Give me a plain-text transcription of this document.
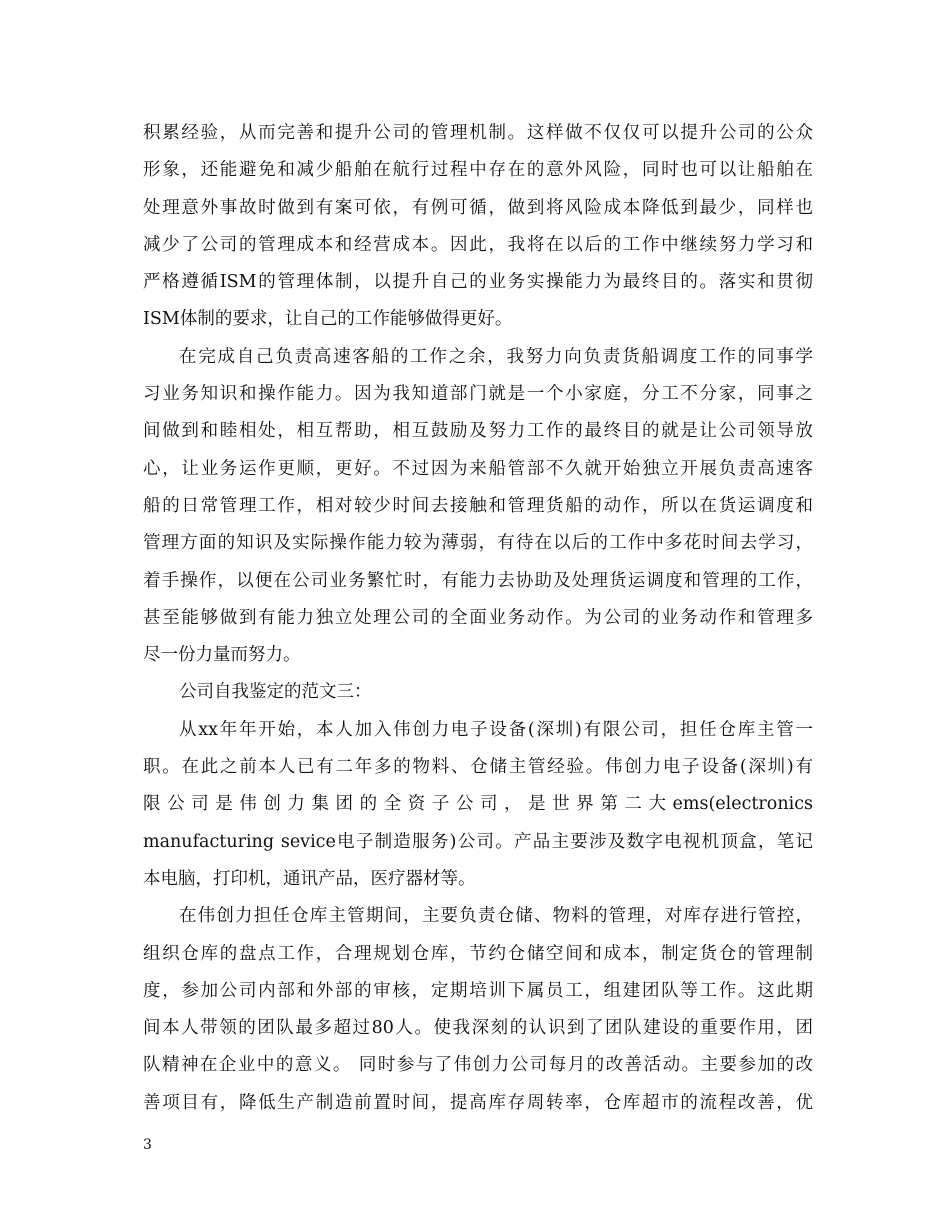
积累经验，从而完善和提升公司的管理机制。这样做不仅仅可以提升公司的公众
形象，还能避免和减少船舶在航行过程中存在的意外风险，同时也可以让船舶在
处理意外事故时做到有案可依，有例可循，做到将风险成本降低到最少，同样也
减少了公司的管理成本和经营成本。因此，我将在以后的工作中继续努力学习和
严格遵循ISM的管理体制，以提升自己的业务实操能力为最终目的。落实和贯彻
ISM体制的要求，让自己的工作能够做得更好。
在完成自己负责高速客船的工作之余，我努力向负责货船调度工作的同事学
习业务知识和操作能力。因为我知道部门就是一个小家庭，分工不分家，同事之
间做到和睦相处，相互帮助，相互鼓励及努力工作的最终目的就是让公司领导放
心，让业务运作更顺，更好。不过因为来船管部不久就开始独立开展负责高速客
船的日常管理工作，相对较少时间去接触和管理货船的动作，所以在货运调度和
管理方面的知识及实际操作能力较为薄弱，有待在以后的工作中多花时间去学习，
着手操作，以便在公司业务繁忙时，有能力去协助及处理货运调度和管理的工作，
甚至能够做到有能力独立处理公司的全面业务动作。为公司的业务动作和管理多
尽一份力量而努力。
公司自我鉴定的范文三：
从xx年年开始，本人加入伟创力电子设备(深圳)有限公司，担任仓库主管一
职。在此之前本人已有二年多的物料、仓储主管经验。伟创力电子设备(深圳)有
限 公 司 是 伟 创 力 集 团 的 全 资 子 公 司 ， 是 世 界 第 二 大 ems(electronics
manufacturing sevice电子制造服务)公司。产品主要涉及数字电视机顶盒，笔记
本电脑，打印机，通讯产品，医疗器材等。
在伟创力担任仓库主管期间，主要负责仓储、物料的管理，对库存进行管控，
组织仓库的盘点工作，合理规划仓库，节约仓储空间和成本，制定货仓的管理制
度，参加公司内部和外部的审核，定期培训下属员工，组建团队等工作。这此期
间本人带领的团队最多超过80人。使我深刻的认识到了团队建设的重要作用，团
队精神在企业中的意义。 同时参与了伟创力公司每月的改善活动。主要参加的改
善项目有，降低生产制造前置时间，提高库存周转率，仓库超市的流程改善，优
3
